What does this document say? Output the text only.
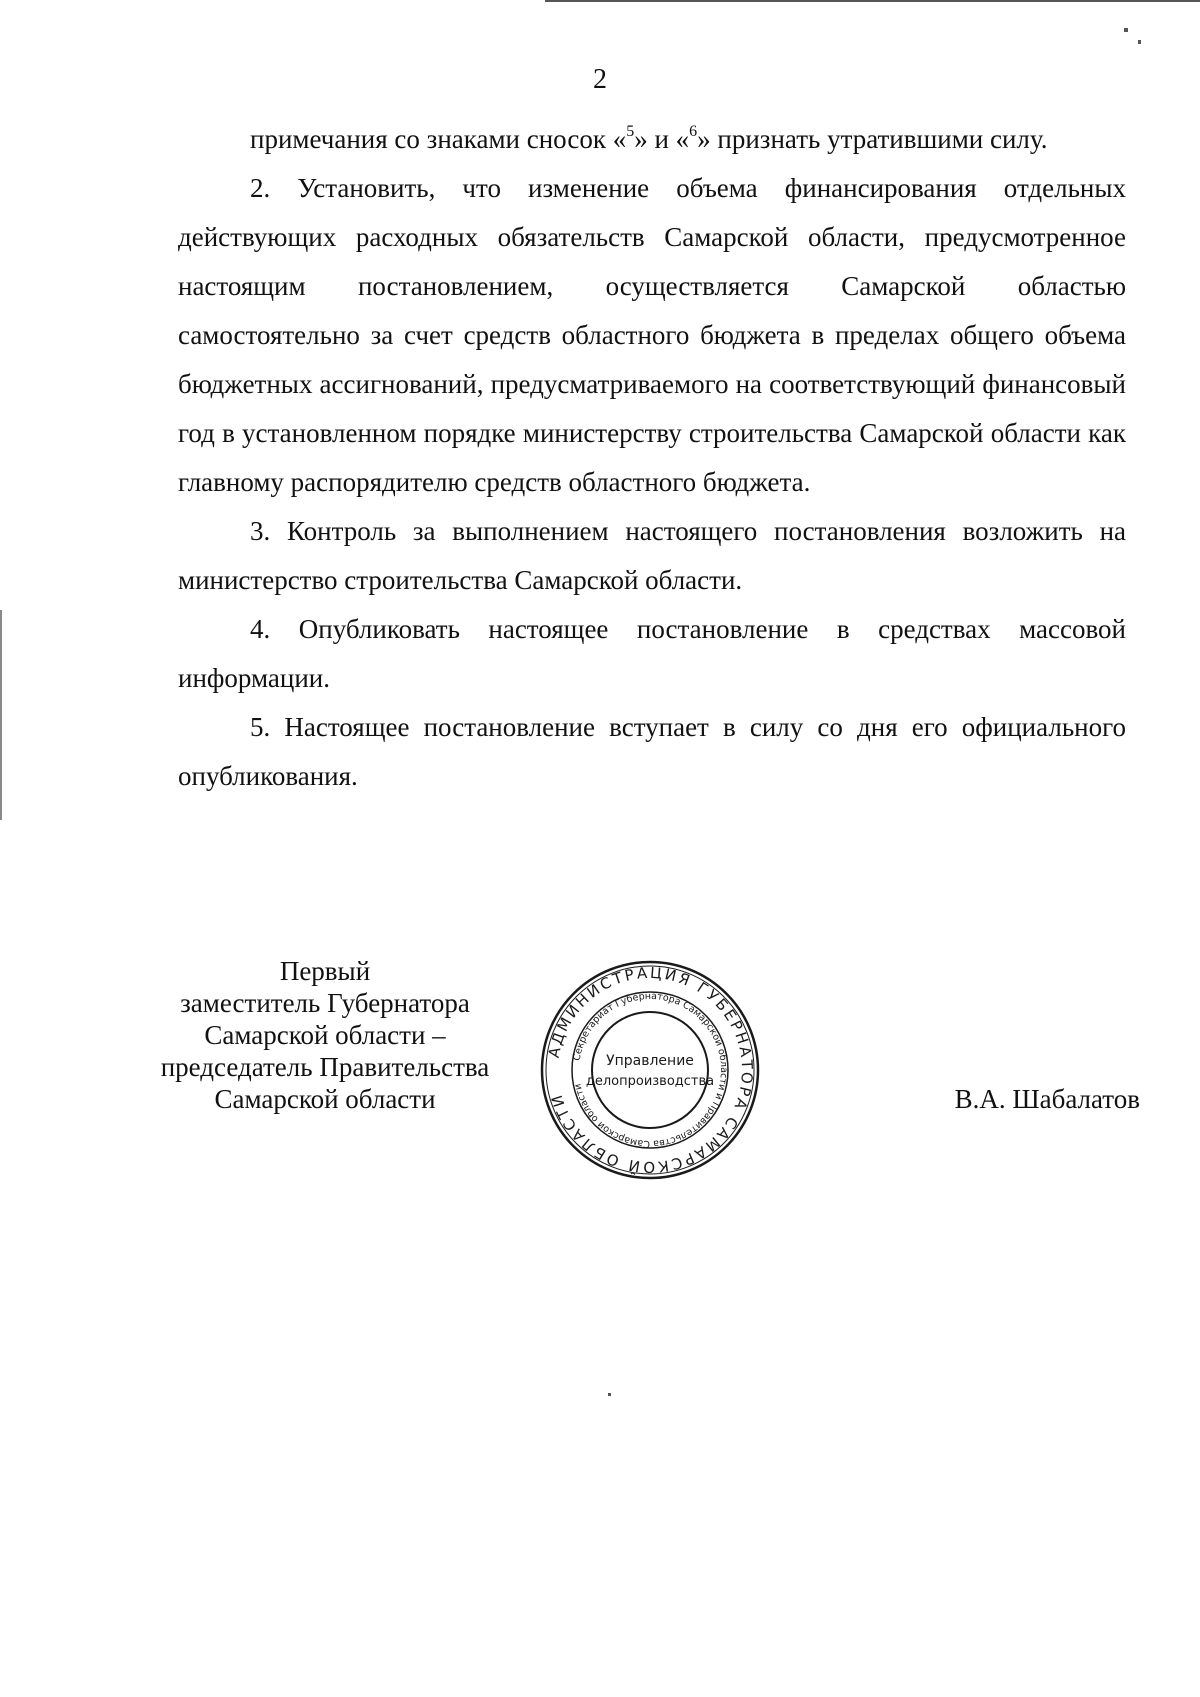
2

примечания со знаками сносок «$^5$» и «$^6$» признать утратившими силу.

2. Установить, что изменение объема финансирования отдельных действующих расходных обязательств Самарской области, предусмотренное настоящим постановлением, осуществляется Самарской областью самостоятельно за счет средств областного бюджета в пределах общего объема бюджетных ассигнований, предусматриваемого на соответствующий финансовый год в установленном порядке министерству строительства Самарской области как главному распорядителю средств областного бюджета.

3. Контроль за выполнением настоящего постановления возложить на министерство строительства Самарской области.

4. Опубликовать настоящее постановление в средствах массовой информации.

5. Настоящее постановление вступает в силу со дня его официального опубликования.

Первый
заместитель Губернатора
Самарской области –
председатель Правительства
Самарской области
АДМИНИСТРАЦИЯ ГУБЕРНАТОРА САМАРСКОЙ ОБЛАСТИ
Секретариат Губернатора Самарской области и Правительства Самарской области
Управление
делопроизводства
В.А. Шабалатов
